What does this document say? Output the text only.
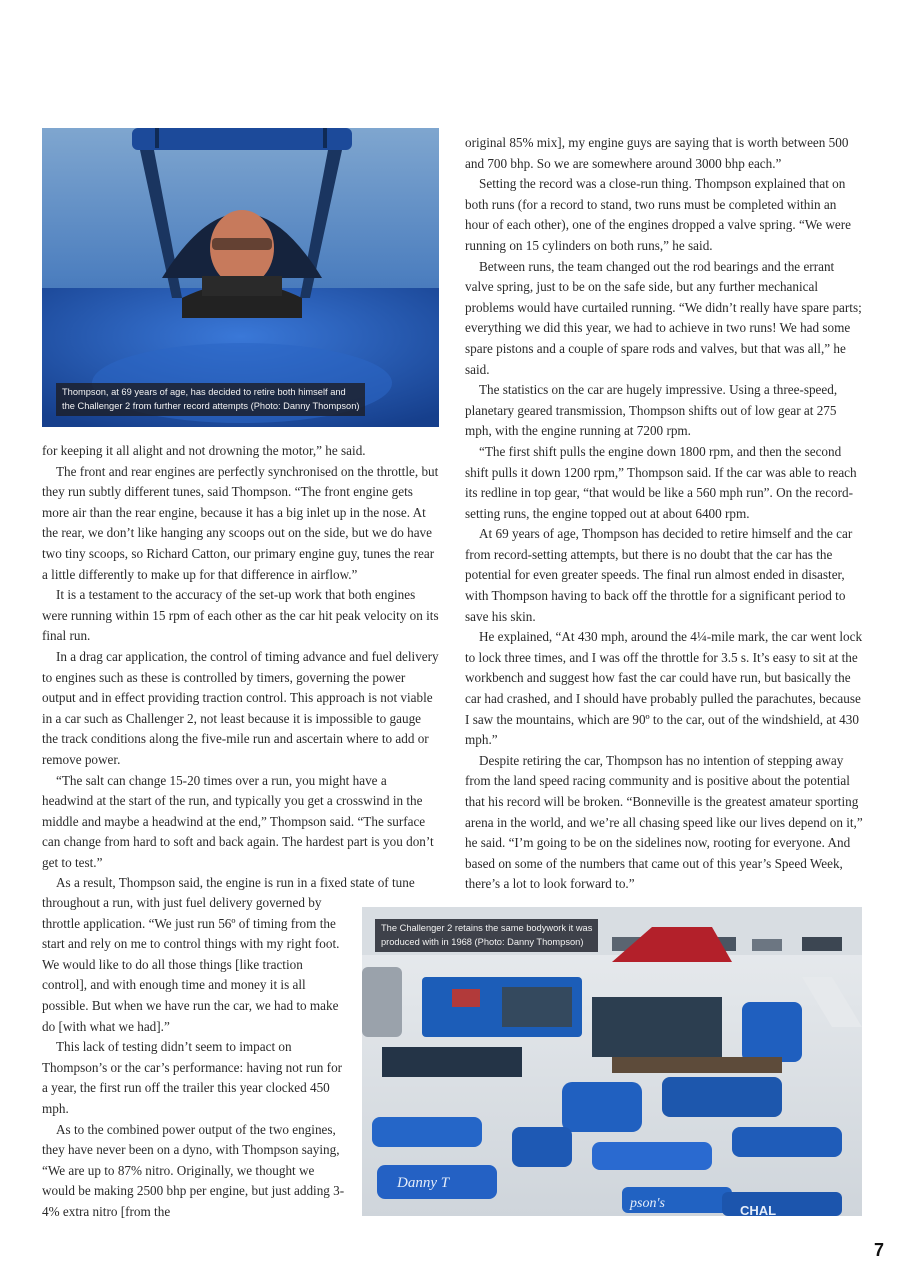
Thompson, at 69 years of age, has decided to retire both himself and
the Challenger 2 from further record attempts (Photo: Danny Thompson)

for keeping it all alight and not drowning the motor,” he said.

The front and rear engines are perfectly synchronised on the throttle, but they run subtly different tunes, said Thompson. “The front engine gets more air than the rear engine, because it has a big inlet up in the nose. At the rear, we don’t like hanging any scoops out on the side, but we do have two tiny scoops, so Richard Catton, our primary engine guy, tunes the rear a little differently to make up for that difference in airflow.”

It is a testament to the accuracy of the set-up work that both engines were running within 15 rpm of each other as the car hit peak velocity on its final run.

In a drag car application, the control of timing advance and fuel delivery to engines such as these is controlled by timers, governing the power output and in effect providing traction control. This approach is not viable in a car such as Challenger 2, not least because it is impossible to gauge the track conditions along the five-mile run and ascertain where to add or remove power.

“The salt can change 15-20 times over a run, you might have a headwind at the start of the run, and typically you get a crosswind in the middle and maybe a headwind at the end,” Thompson said. “The surface can change from hard to soft and back again. The hardest part is you don’t get to test.”

As a result, Thompson said, the engine is run in a fixed state of tune

throughout a run, with just fuel delivery governed by throttle application. “We just run 56º of timing from the start and rely on me to control things with my right foot. We would like to do all those things [like traction control], and with enough time and money it is all possible. But when we have run the car, we had to make do [with what we had].”

This lack of testing didn’t seem to impact on Thompson’s or the car’s performance: having not run for a year, the first run off the trailer this year clocked 450 mph.

As to the combined power output of the two engines, they have never been on a dyno, with Thompson saying, “We are up to 87% nitro. Originally, we thought we would be making 2500 bhp per engine, but just adding 3-4% extra nitro [from the

original 85% mix], my engine guys are saying that is worth between 500 and 700 bhp. So we are somewhere around 3000 bhp each.”

Setting the record was a close-run thing. Thompson explained that on both runs (for a record to stand, two runs must be completed within an hour of each other), one of the engines dropped a valve spring. “We were running on 15 cylinders on both runs,” he said.

Between runs, the team changed out the rod bearings and the errant valve spring, just to be on the safe side, but any further mechanical problems would have curtailed running. “We didn’t really have spare parts; everything we did this year, we had to achieve in two runs! We had some spare pistons and a couple of spare rods and valves, but that was all,” he said.

The statistics on the car are hugely impressive. Using a three-speed, planetary geared transmission, Thompson shifts out of low gear at 275 mph, with the engine running at 7200 rpm.

“The first shift pulls the engine down 1800 rpm, and then the second shift pulls it down 1200 rpm,” Thompson said. If the car was able to reach its redline in top gear, “that would be like a 560 mph run”. On the record-setting runs, the engine topped out at about 6400 rpm.

At 69 years of age, Thompson has decided to retire himself and the car from record-setting attempts, but there is no doubt that the car has the potential for even greater speeds. The final run almost ended in disaster, with Thompson having to back off the throttle for a significant period to save his skin.

He explained, “At 430 mph, around the 4¼-mile mark, the car went lock to lock three times, and I was off the throttle for 3.5 s. It’s easy to sit at the workbench and suggest how fast the car could have run, but basically the car had crashed, and I should have probably pulled the parachutes, because I saw the mountains, which are 90º to the car, out of the windshield, at 430 mph.”

Despite retiring the car, Thompson has no intention of stepping away from the land speed racing community and is positive about the potential that his record will be broken. “Bonneville is the greatest amateur sporting arena in the world, and we’re all chasing speed like our lives depend on it,” he said. “I’m going to be on the sidelines now, rooting for everyone. And based on some of the numbers that came out of this year’s Speed Week, there’s a lot to look forward to.”

Danny T
pson's	CHAL
The Challenger 2 retains the same bodywork it was
produced with in 1968 (Photo: Danny Thompson)
7
